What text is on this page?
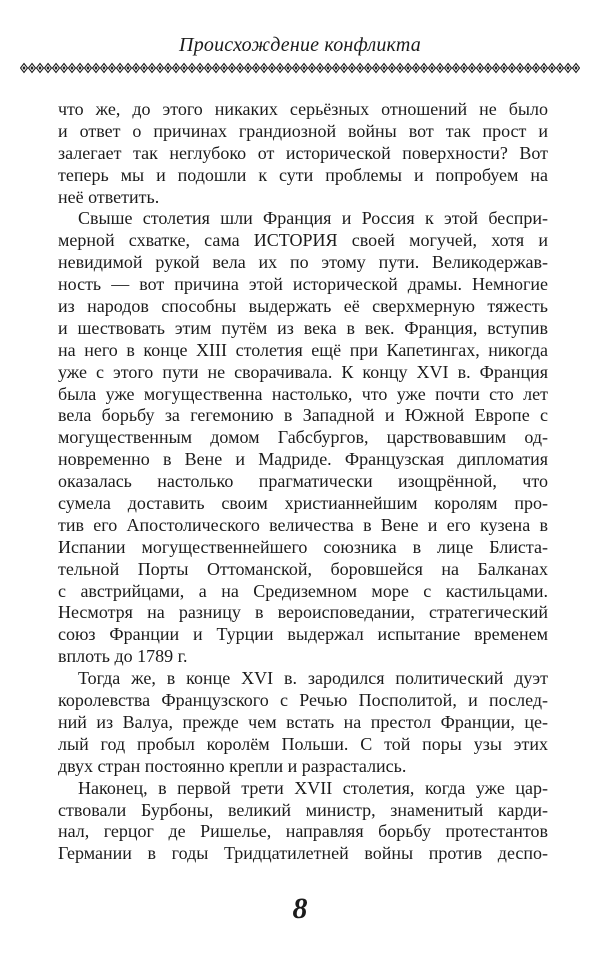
Происхождение конфликта
что же, до этого никаких серьёзных отношений не было
и ответ о причинах грандиозной войны вот так прост и
залегает так неглубоко от исторической поверхности? Вот
теперь мы и подошли к сути проблемы и попробуем на
неё ответить.
Свыше столетия шли Франция и Россия к этой беспри-
мерной схватке, сама ИСТОРИЯ своей могучей, хотя и
невидимой рукой вела их по этому пути. Великодержав-
ность — вот причина этой исторической драмы. Немногие
из народов способны выдержать её сверхмерную тяжесть
и шествовать этим путём из века в век. Франция, вступив
на него в конце XIII столетия ещё при Капетингах, никогда
уже с этого пути не сворачивала. К концу XVI в. Франция
была уже могущественна настолько, что уже почти сто лет
вела борьбу за гегемонию в Западной и Южной Европе с
могущественным домом Габсбургов, царствовавшим од-
новременно в Вене и Мадриде. Французская дипломатия
оказалась настолько прагматически изощрённой, что
сумела доставить своим христианнейшим королям про-
тив его Апостолического величества в Вене и его кузена в
Испании могущественнейшего союзника в лице Блиста-
тельной Порты Оттоманской, боровшейся на Балканах
с австрийцами, а на Средиземном море с кастильцами.
Несмотря на разницу в вероисповедании, стратегический
союз Франции и Турции выдержал испытание временем
вплоть до 1789 г.
Тогда же, в конце XVI в. зародился политический дуэт
королевства Французского с Речью Посполитой, и послед-
ний из Валуа, прежде чем встать на престол Франции, це-
лый год пробыл королём Польши. С той поры узы этих
двух стран постоянно крепли и разрастались.
Наконец, в первой трети XVII столетия, когда уже цар-
ствовали Бурбоны, великий министр, знаменитый карди-
нал, герцог де Ришелье, направляя борьбу протестантов
Германии в годы Тридцатилетней войны против деспо-
8
